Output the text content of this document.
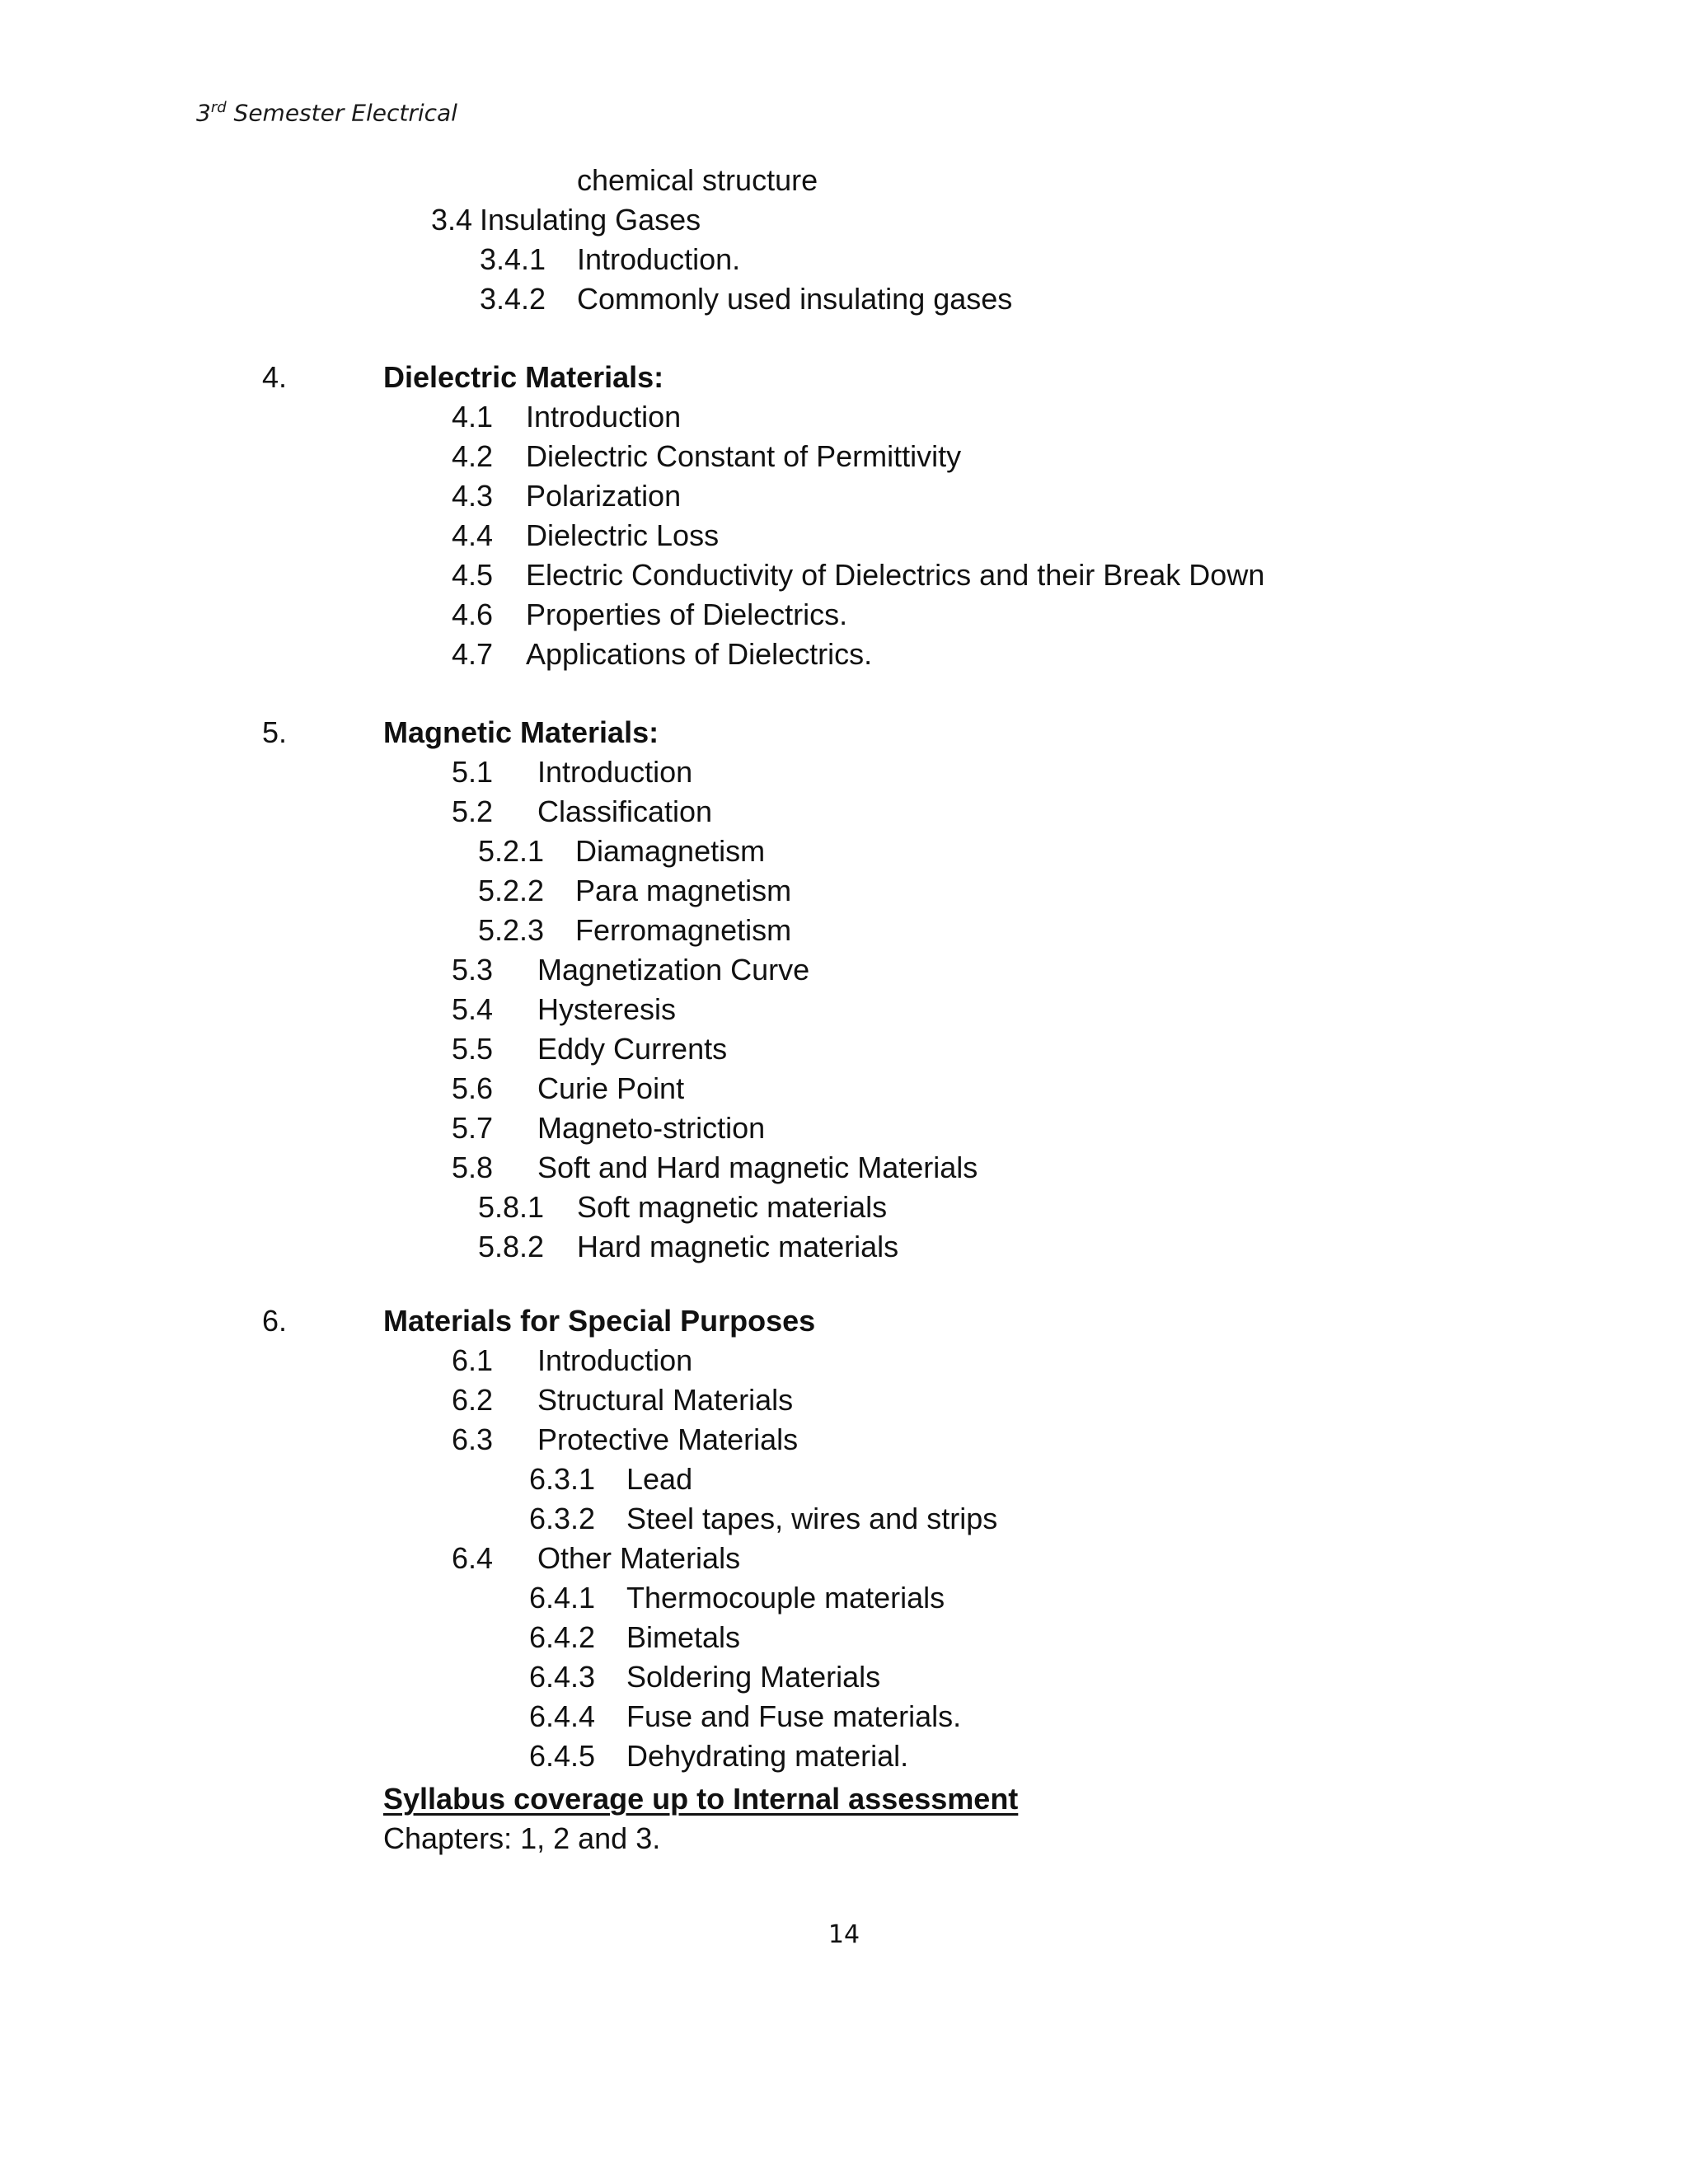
3rd Semester Electrical
chemical structure
3.4 Insulating Gases
3.4.1 Introduction.
3.4.2 Commonly used insulating gases
4.	Dielectric Materials:
4.1 Introduction
4.2 Dielectric Constant of Permittivity
4.3 Polarization
4.4 Dielectric Loss
4.5 Electric Conductivity of Dielectrics and their Break Down
4.6 Properties of Dielectrics.
4.7 Applications of Dielectrics.
5.	Magnetic Materials:
5.1 Introduction
5.2 Classification
5.2.1 Diamagnetism
5.2.2 Para magnetism
5.2.3 Ferromagnetism
5.3 Magnetization Curve
5.4 Hysteresis
5.5 Eddy Currents
5.6 Curie Point
5.7 Magneto-striction
5.8 Soft and Hard magnetic Materials
5.8.1 Soft magnetic materials
5.8.2 Hard magnetic materials
6.	Materials for Special Purposes
6.1 Introduction
6.2 Structural Materials
6.3 Protective Materials
6.3.1 Lead
6.3.2 Steel tapes, wires and strips
6.4 Other Materials
6.4.1 Thermocouple materials
6.4.2 Bimetals
6.4.3 Soldering Materials
6.4.4 Fuse and Fuse materials.
6.4.5 Dehydrating material.
Syllabus coverage up to Internal assessment
Chapters: 1, 2 and 3.
14
